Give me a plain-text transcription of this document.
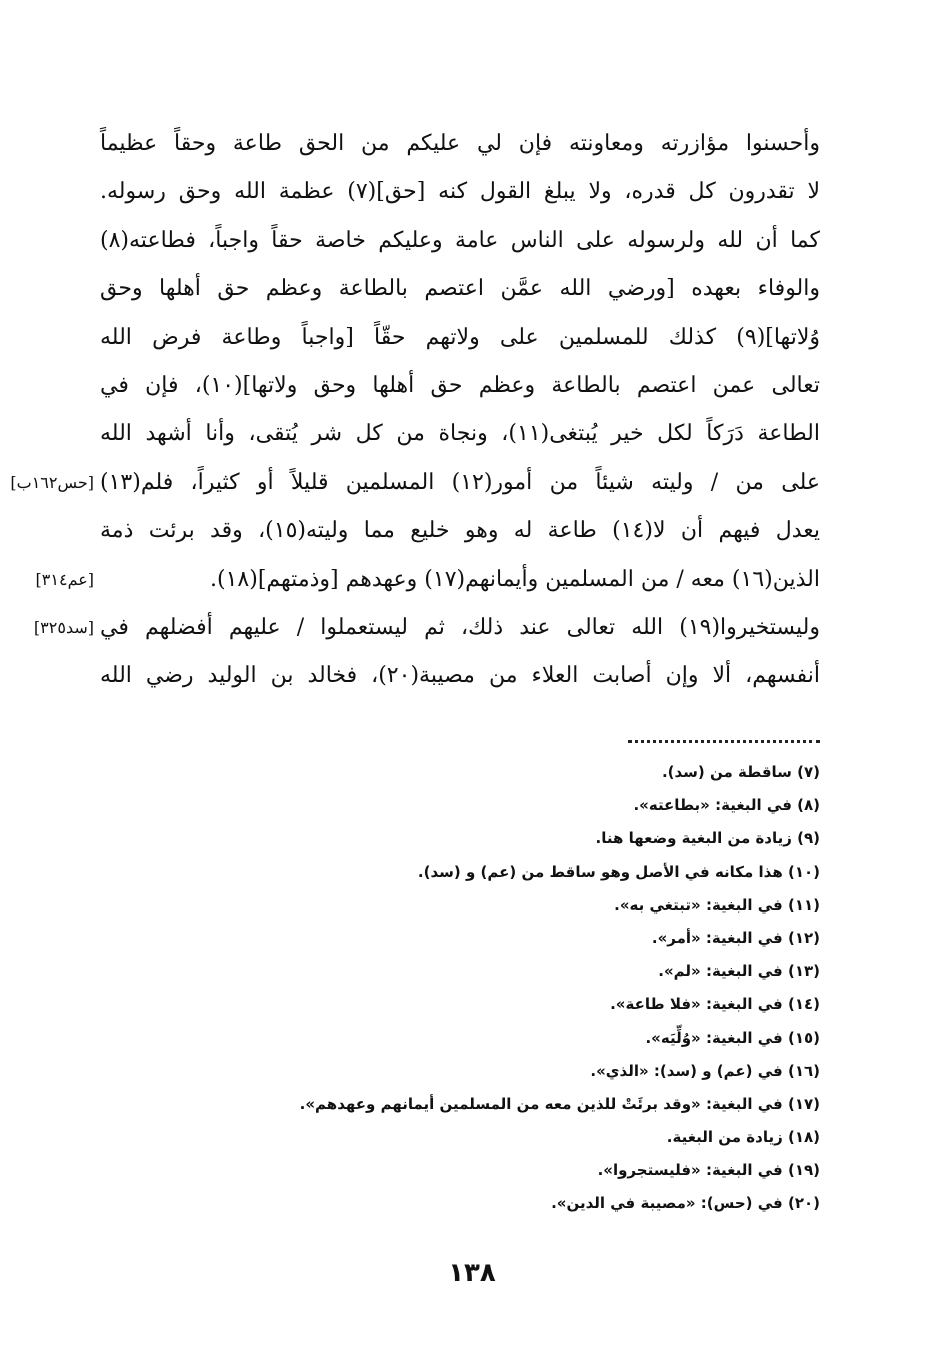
وأحسنوا مؤازرته ومعاونته فإن لي عليكم من الحق طاعة وحقاً عظيماً
لا تقدرون كل قدره، ولا يبلغ القول كنه [حق](٧) عظمة الله وحق رسوله.
كما أن لله ولرسوله على الناس عامة وعليكم خاصة حقاً واجباً، فطاعته(٨)
والوفاء بعهده [ورضي الله عمَّن اعتصم بالطاعة وعظم حق أهلها وحق
وُلاتها](٩) كذلك للمسلمين على ولاتهم حقّاً [واجباً وطاعة فرض الله
تعالى عمن اعتصم بالطاعة وعظم حق أهلها وحق ولاتها](١٠)، فإن في
الطاعة دَرَكاً لكل خير يُبتغى(١١)، ونجاة من كل شر يُتقى، وأنا أشهد الله
[حس١٦٢ب] على من / وليته شيئاً من أمور(١٢) المسلمين قليلاً أو كثيراً، فلم(١٣)
يعدل فيهم أن لا(١٤) طاعة له وهو خليع مما وليته(١٥)، وقد برئت ذمة
[عم٣١٤]	الذين(١٦) معه / من المسلمين وأيمانهم(١٧) وعهدهم [وذمتهم](١٨).
[سد٣٢٥] وليستخيروا(١٩) الله تعالى عند ذلك، ثم ليستعملوا / عليهم أفضلهم في
أنفسهم، ألا وإن أصابت العلاء من مصيبة(٢٠)، فخالد بن الوليد رضي الله
(٧) ساقطة من (سد).
(٨) في البغية: «بطاعته».
(٩) زيادة من البغية وضعها هنا.
(١٠) هذا مكانه في الأصل وهو ساقط من (عم) و (سد).
(١١) في البغية: «تبتغي به».
(١٢) في البغية: «أمر».
(١٣) في البغية: «لم».
(١٤) في البغية: «فلا طاعة».
(١٥) في البغية: «وُلِّيَه».
(١٦) في (عم) و (سد): «الذي».
(١٧) في البغية: «وقد برئَتْ للذين معه من المسلمين أيمانهم وعهدهم».
(١٨) زيادة من البغية.
(١٩) في البغية: «فليستجروا».
(٢٠) في (حس): «مصيبة في الدين».
١٣٨
